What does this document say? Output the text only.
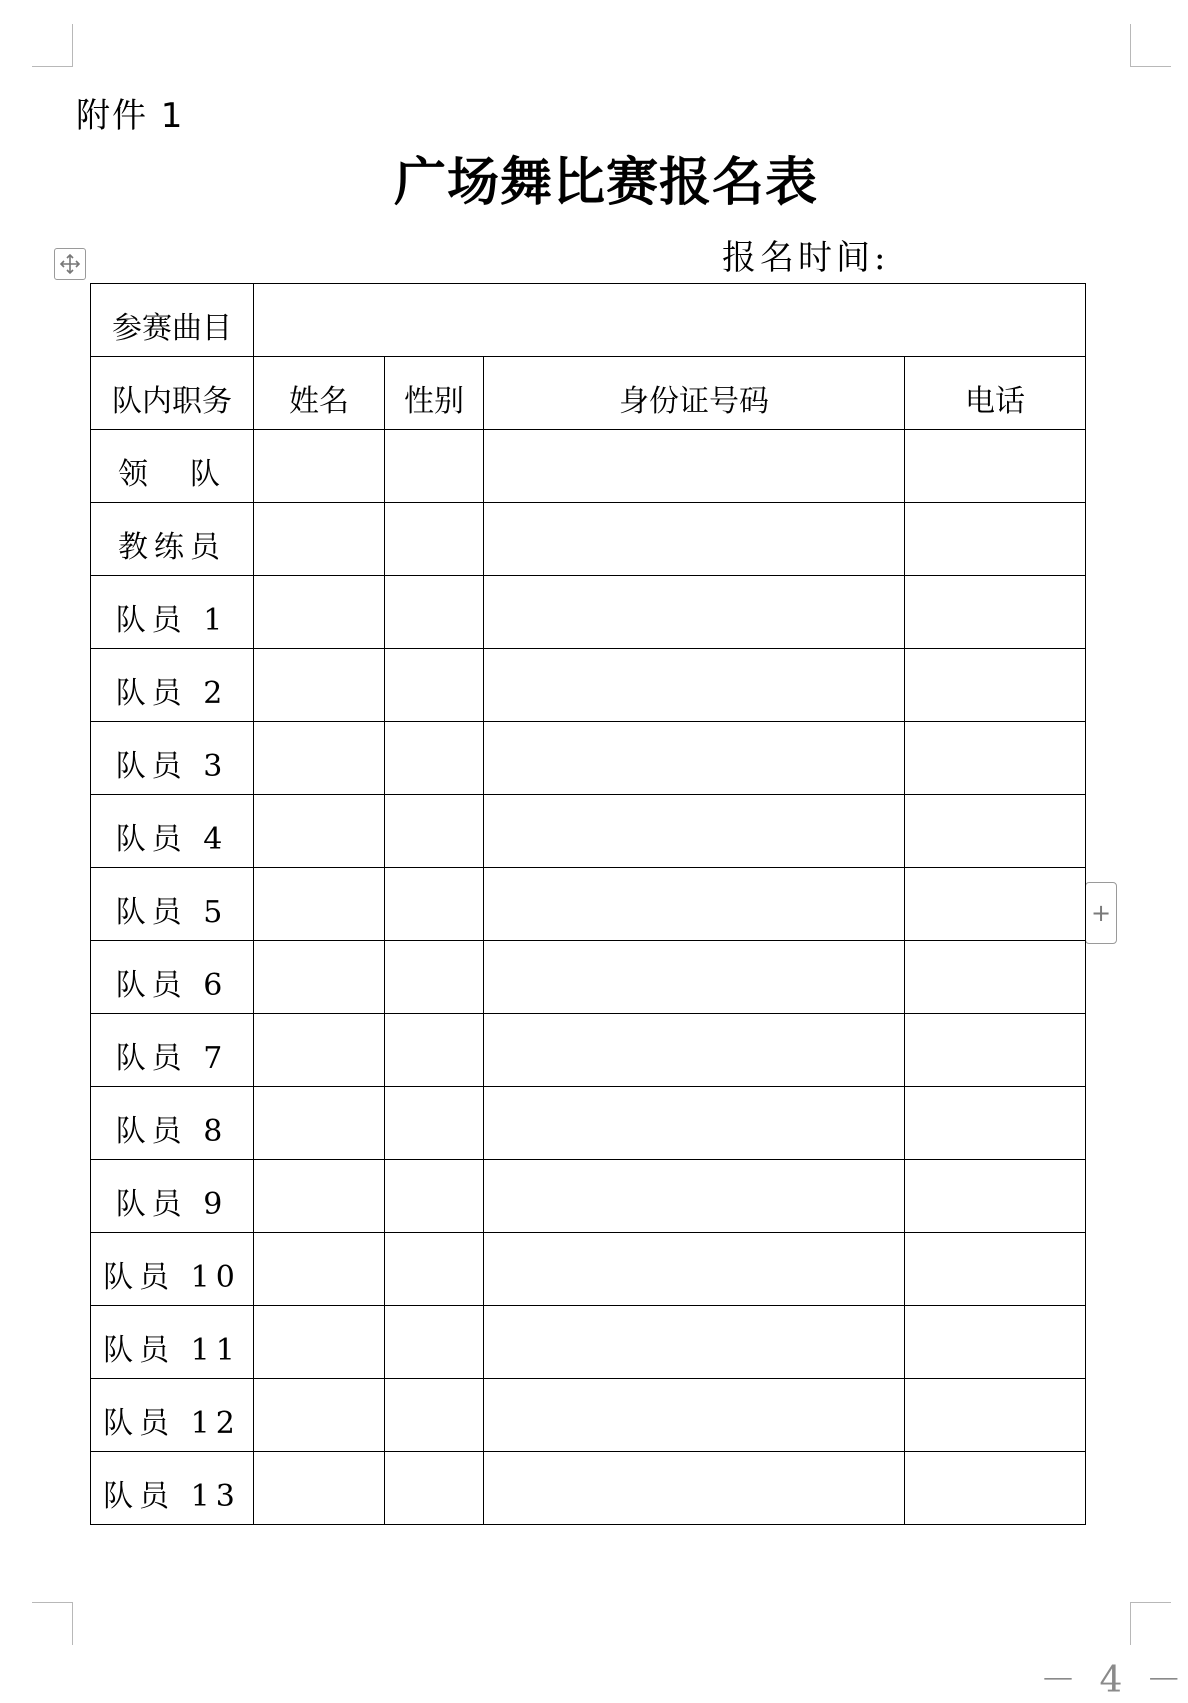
附件 1
广场舞比赛报名表
报名时间:
+
参赛曲目				
队内职务	姓名	性别	身份证号码	电话
领　队				
教练员				
队员 1				
队员 2				
队员 3				
队员 4				
队员 5				
队员 6				
队员 7				
队员 8				
队员 9				
队员 10				
队员 11				
队员 12				
队员 13				
－ 4 －
